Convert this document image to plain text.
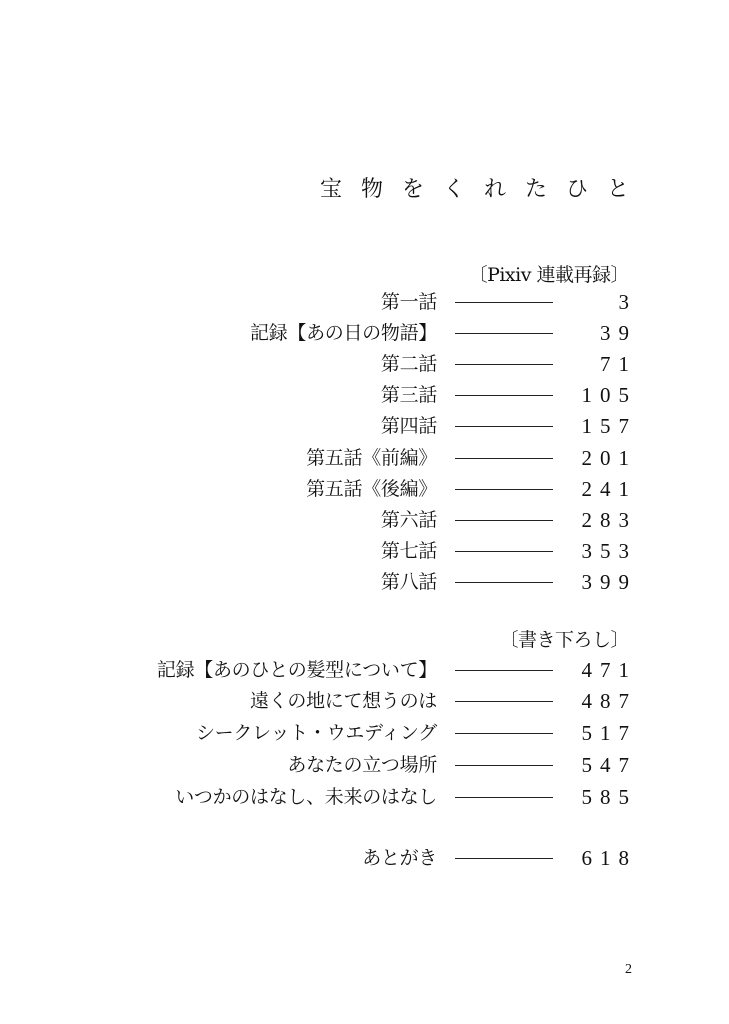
宝物をくれたひと
〔Pixiv 連載再録〕
第一話	3
記録【あの日の物語】	39
第二話	71
第三話	105
第四話	157
第五話《前編》	201
第五話《後編》	241
第六話	283
第七話	353
第八話	399
〔書き下ろし〕
記録【あのひとの髪型について】	471
遠くの地にて想うのは	487
シークレット・ウエディング	517
あなたの立つ場所	547
いつかのはなし、未来のはなし	585
あとがき	618
2
